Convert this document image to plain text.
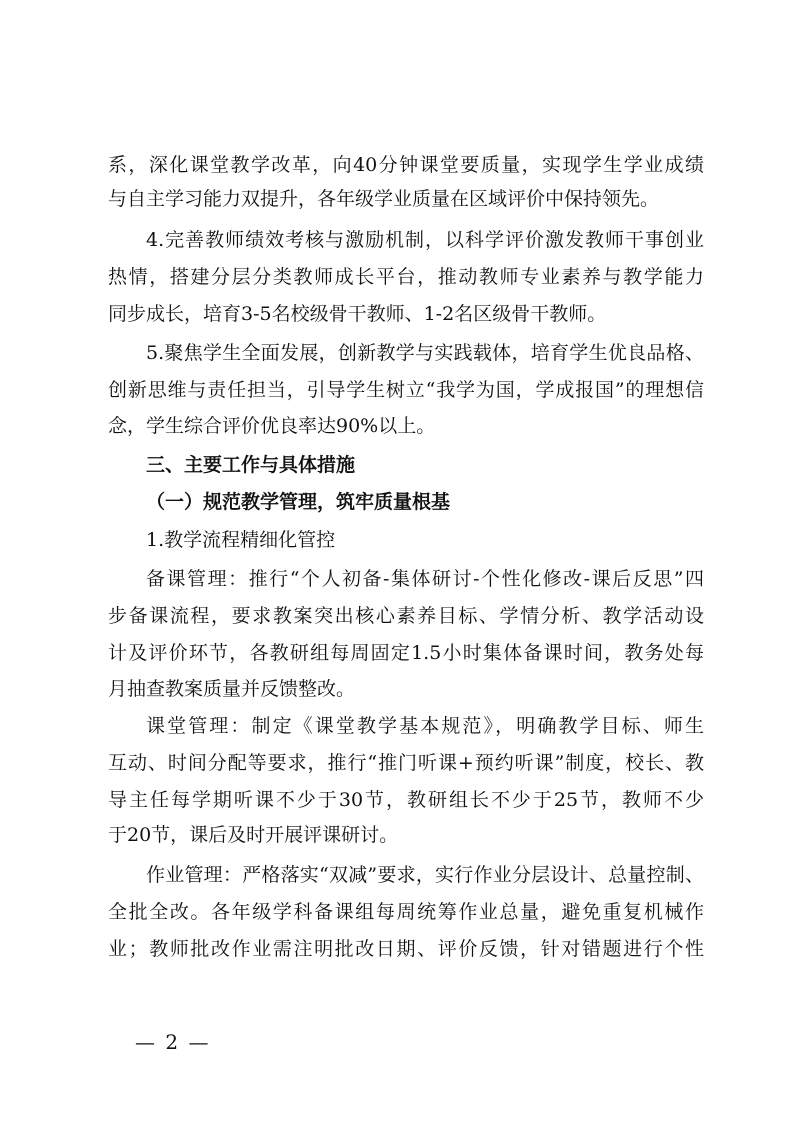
系，深化课堂教学改革，向40分钟课堂要质量，实现学生学业成绩
与自主学习能力双提升，各年级学业质量在区域评价中保持领先。
4.完善教师绩效考核与激励机制，以科学评价激发教师干事创业
热情，搭建分层分类教师成长平台，推动教师专业素养与教学能力
同步成长，培育3-5名校级骨干教师、1-2名区级骨干教师。
5.聚焦学生全面发展，创新教学与实践载体，培育学生优良品格、
创新思维与责任担当，引导学生树立“我学为国，学成报国”的理想信
念，学生综合评价优良率达90%以上。
三、主要工作与具体措施
（一）规范教学管理，筑牢质量根基
1.教学流程精细化管控
备课管理：推行“个人初备-集体研讨-个性化修改-课后反思”四
步备课流程，要求教案突出核心素养目标、学情分析、教学活动设
计及评价环节，各教研组每周固定1.5小时集体备课时间，教务处每
月抽查教案质量并反馈整改。
课堂管理：制定《课堂教学基本规范》，明确教学目标、师生
互动、时间分配等要求，推行“推门听课+预约听课”制度，校长、教
导主任每学期听课不少于30节，教研组长不少于25节，教师不少
于20节，课后及时开展评课研讨。
作业管理：严格落实“双减”要求，实行作业分层设计、总量控制、
全批全改。各年级学科备课组每周统筹作业总量，避免重复机械作
业；教师批改作业需注明批改日期、评价反馈，针对错题进行个性
— 2 —
